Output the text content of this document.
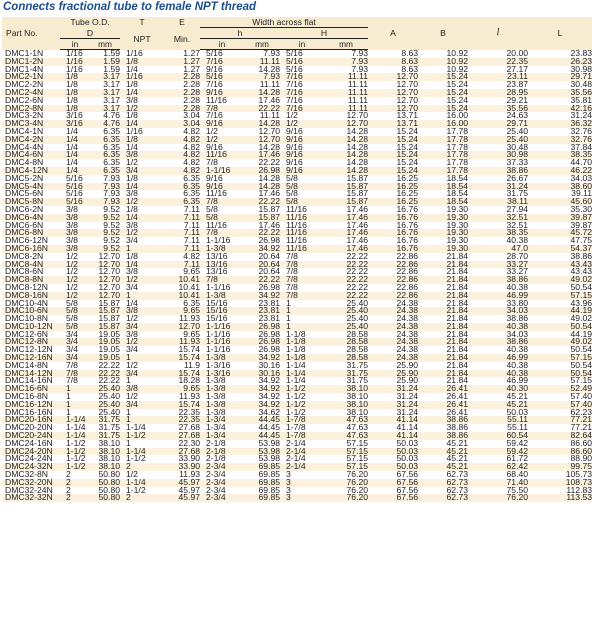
Connects fractional tube to female NPT thread
Part No.	Tube O.D.		T	E	Width across flat				A	B	l	L
	D		NPT	Min.	h		H					
	in	mm			in	mm	in	mm				
DMC1-1N	1/16	1.59	1/16	1.27	5/16	7.93	5/16	7.93	8.63	10.92	20.00	23.83
DMC1-2N	1/16	1.59	1/8	1.27	7/16	11.11	5/16	7.93	8.63	10.92	22.35	26.23
DMC1-4N	1/16	1.59	1/4	1.27	9/16	14.28	5/16	7.93	8.63	10.92	27.17	30.98
DMC2-1N	1/8	3.17	1/16	2.28	5/16	7.93	7/16	11.11	12.70	15.24	23.11	29.71
DMC2-2N	1/8	3.17	1/8	2.28	7/16	11.11	7/16	11.11	12.70	15.24	23.87	30.48
DMC2-4N	1/8	3.17	1/4	2.28	9/16	14.28	7/16	11.11	12.70	15.24	28.95	35.56
DMC2-6N	1/8	3.17	3/8	2.28	11/16	17.46	7/16	11.11	12.70	15.24	29.21	35.81
DMC2-8N	1/8	3.17	1/2	2.28	7/8	22.22	7/16	11.11	12.70	15.24	35.56	42.16
DMC3-2N	3/16	4.76	1/8	3.04	7/16	11.11	1/2	12.70	13.71	16.00	24.63	31.24
DMC3-4N	3/16	4.76	1/4	3.04	9/16	14.28	1/2	12.70	13.71	16.00	29.71	36.32
DMC4-1N	1/4	6.35	1/16	4.82	1/2	12.70	9/16	14.28	15.24	17.78	25.40	32.76
DMC4-2N	1/4	6.35	1/8	4.82	1/2	12.70	9/16	14.28	15.24	17.78	25.40	32.76
DMC4-4N	1/4	6.35	1/4	4.82	9/16	14.28	9/16	14.28	15.24	17.78	30.48	37.84
DMC4-6N	1/4	6.35	3/8	4.82	11/16	17.46	9/16	14.28	15.24	17.78	30.98	38.35
DMC4-8N	1/4	6.35	1/2	4.82	7/8	22.22	9/16	14.28	15.24	17.78	37.33	44.70
DMC4-12N	1/4	6.35	3/4	4.82	1-1/16	26.98	9/16	14.28	15.24	17.78	38.86	46.22
DMC5-2N	5/16	7.93	1/8	6.35	9/16	14.28	5/8	15.87	16.25	18.54	26.67	34.03
DMC5-4N	5/16	7.93	1/4	6.35	9/16	14.28	5/8	15.87	16.25	18.54	31.24	38.60
DMC5-6N	5/16	7.93	3/8	6.35	11/16	17.46	5/8	15.87	16.25	18.54	31.75	39.11
DMC5-8N	5/16	7.93	1/2	6.35	7/8	22.22	5/8	15.87	16.25	18.54	38.11	45.60
DMC6-2N	3/8	9.52	1/8	7.11	5/8	15.87	11/16	17.46	16.76	19.30	27.94	35.30
DMC6-4N	3/8	9.52	1/4	7.11	5/8	15.87	11/16	17.46	16.76	19.30	32.51	39.87
DMC6-6N	3/8	9.52	3/8	7.11	11/16	17.46	11/16	17.46	16.76	19.30	32.51	39.87
DMC6-8N	3/8	9.52	1/2	7.11	7/8	22.22	11/16	17.46	16.76	19.30	38.35	45.72
DMC6-12N	3/8	9.52	3/4	7.11	1-1/16	26.98	11/16	17.46	16.76	19.30	40.38	47.75
DMC6-16N	3/8	9.52	1	7.11	1-3/8	34.92	11/16	17.46	16.76	19.30	47.0	54.37
DMC8-2N	1/2	12.70	1/8	4.82	13/16	20.64	7/8	22.22	22.86	21.84	28.70	38.86
DMC8-4N	1/2	12.70	1/4	7.11	13/16	20.64	7/8	22.22	22.86	21.84	33.27	43.43
DMC8-6N	1/2	12.70	3/8	9.65	13/16	20.64	7/8	22.22	22.86	21.84	33.27	43.43
DMC8-8N	1/2	12.70	1/2	10.41	7/8	22.22	7/8	22.22	22.86	21.84	38.86	49.02
DMC8-12N	1/2	12.70	3/4	10.41	1-1/16	26.98	7/8	22.22	22.86	21.84	40.38	50.54
DMC8-16N	1/2	12.70	1	10.41	1-3/8	34.92	7/8	22.22	22.86	21.84	46.99	57.15
DMC10-4N	5/8	15.87	1/4	6.35	15/16	23.81	1	25.40	24.38	21.84	33.80	43.96
DMC10-6N	5/8	15.87	3/8	9.65	15/16	23.81	1	25.40	24.38	21.84	34.03	44.19
DMC10-8N	5/8	15.87	1/2	11.93	15/16	23.81	1	25.40	24.38	21.84	38.86	49.02
DMC10-12N	5/8	15.87	3/4	12.70	1-1/16	26.98	1	25.40	24.38	21.84	40.38	50.54
DMC12-6N	3/4	19.05	3/8	9.65	1-1/16	26.98	1-1/8	28.58	24.38	21.84	34.03	44.19
DMC12-8N	3/4	19.05	1/2	11.93	1-1/16	26.98	1-1/8	28.58	24.38	21.84	38.86	49.02
DMC12-12N	3/4	19.05	3/4	15.74	1-1/16	26.98	1-1/8	28.58	24.38	21.84	40.38	50.54
DMC12-16N	3/4	19.05	1	15.74	1-3/8	34.92	1-1/8	28.58	24.38	21.84	46.99	57.15
DMC14-8N	7/8	22.22	1/2	11.9	1-3/16	30.16	1-1/4	31.75	25.90	21.84	40.38	50.54
DMC14-12N	7/8	22.22	3/4	15.74	1-3/16	30.16	1-1/4	31.75	25.90	21.84	40.38	50.54
DMC14-16N	7/8	22.22	1	18.28	1-3/8	34.92	1-1/4	31.75	25.90	21.84	46.99	57.15
DMC16-6N	1	25.40	3/8	9.65	1-3/8	34.92	1-1/2	38.10	31.24	26.41	40.30	52.49
DMC16-8N	1	25.40	1/2	11.93	1-3/8	34.92	1-1/2	38.10	31.24	26.41	45.21	57.40
DMC16-12N	1	25.40	3/4	15.74	1-3/8	34.92	1-1/2	38.10	31.24	26.41	45.21	57.40
DMC16-16N	1	25.40	1	22.35	1-3/8	34.62	1-1/2	38.10	31.24	26.41	50.03	62.23
DMC20-16N	1-1/4	31.75	1	22.35	1-3/4	44.45	1-7/8	47.63	41.14	38.86	55.11	77.21
DMC20-20N	1-1/4	31.75	1-1/4	27.68	1-3/4	44.45	1-7/8	47.63	41.14	38.86	55.11	77.21
DMC20-24N	1-1/4	31.75	1-1/2	27.68	1-3/4	44.45	1-7/8	47.63	41.14	38.86	60.54	82.64
DMC24-16N	1-1/2	38.10	1	22.30	2-1/8	53.98	2-1/4	57.15	50.03	45.21	59.42	86.60
DMC24-20N	1-1/2	38.10	1-1/4	27.68	2-1/8	53.98	2-1/4	57.15	50.03	45.21	59.42	86.60
DMC24-24N	1-1/2	38.10	1-1/2	33.90	2-1/8	53.98	2-1/4	57.15	50.03	45.21	61.72	88.90
DMC24-32N	1-1/2	38.10	2	33.90	2-3/4	69.85	2-1/4	57.15	50.03	45.21	62.42	99.75
DMC32-8N	2	50.80	1/2	11.93	2-3/4	69.85	3	76.20	67.56	62.73	68.40	105.73
DMC32-20N	2	50.80	1-1/4	45.97	2-3/4	69.85	3	76.20	67.56	62.73	71.40	108.73
DMC32-24N	2	50.80	1-1/2	45.97	2-3/4	69.85	3	76.20	67.56	62.73	75.50	112.83
DMC32-32N	2	50.80	2	45.97	2-3/4	69.85	3	76.20	67.56	62.73	76.20	113.53
